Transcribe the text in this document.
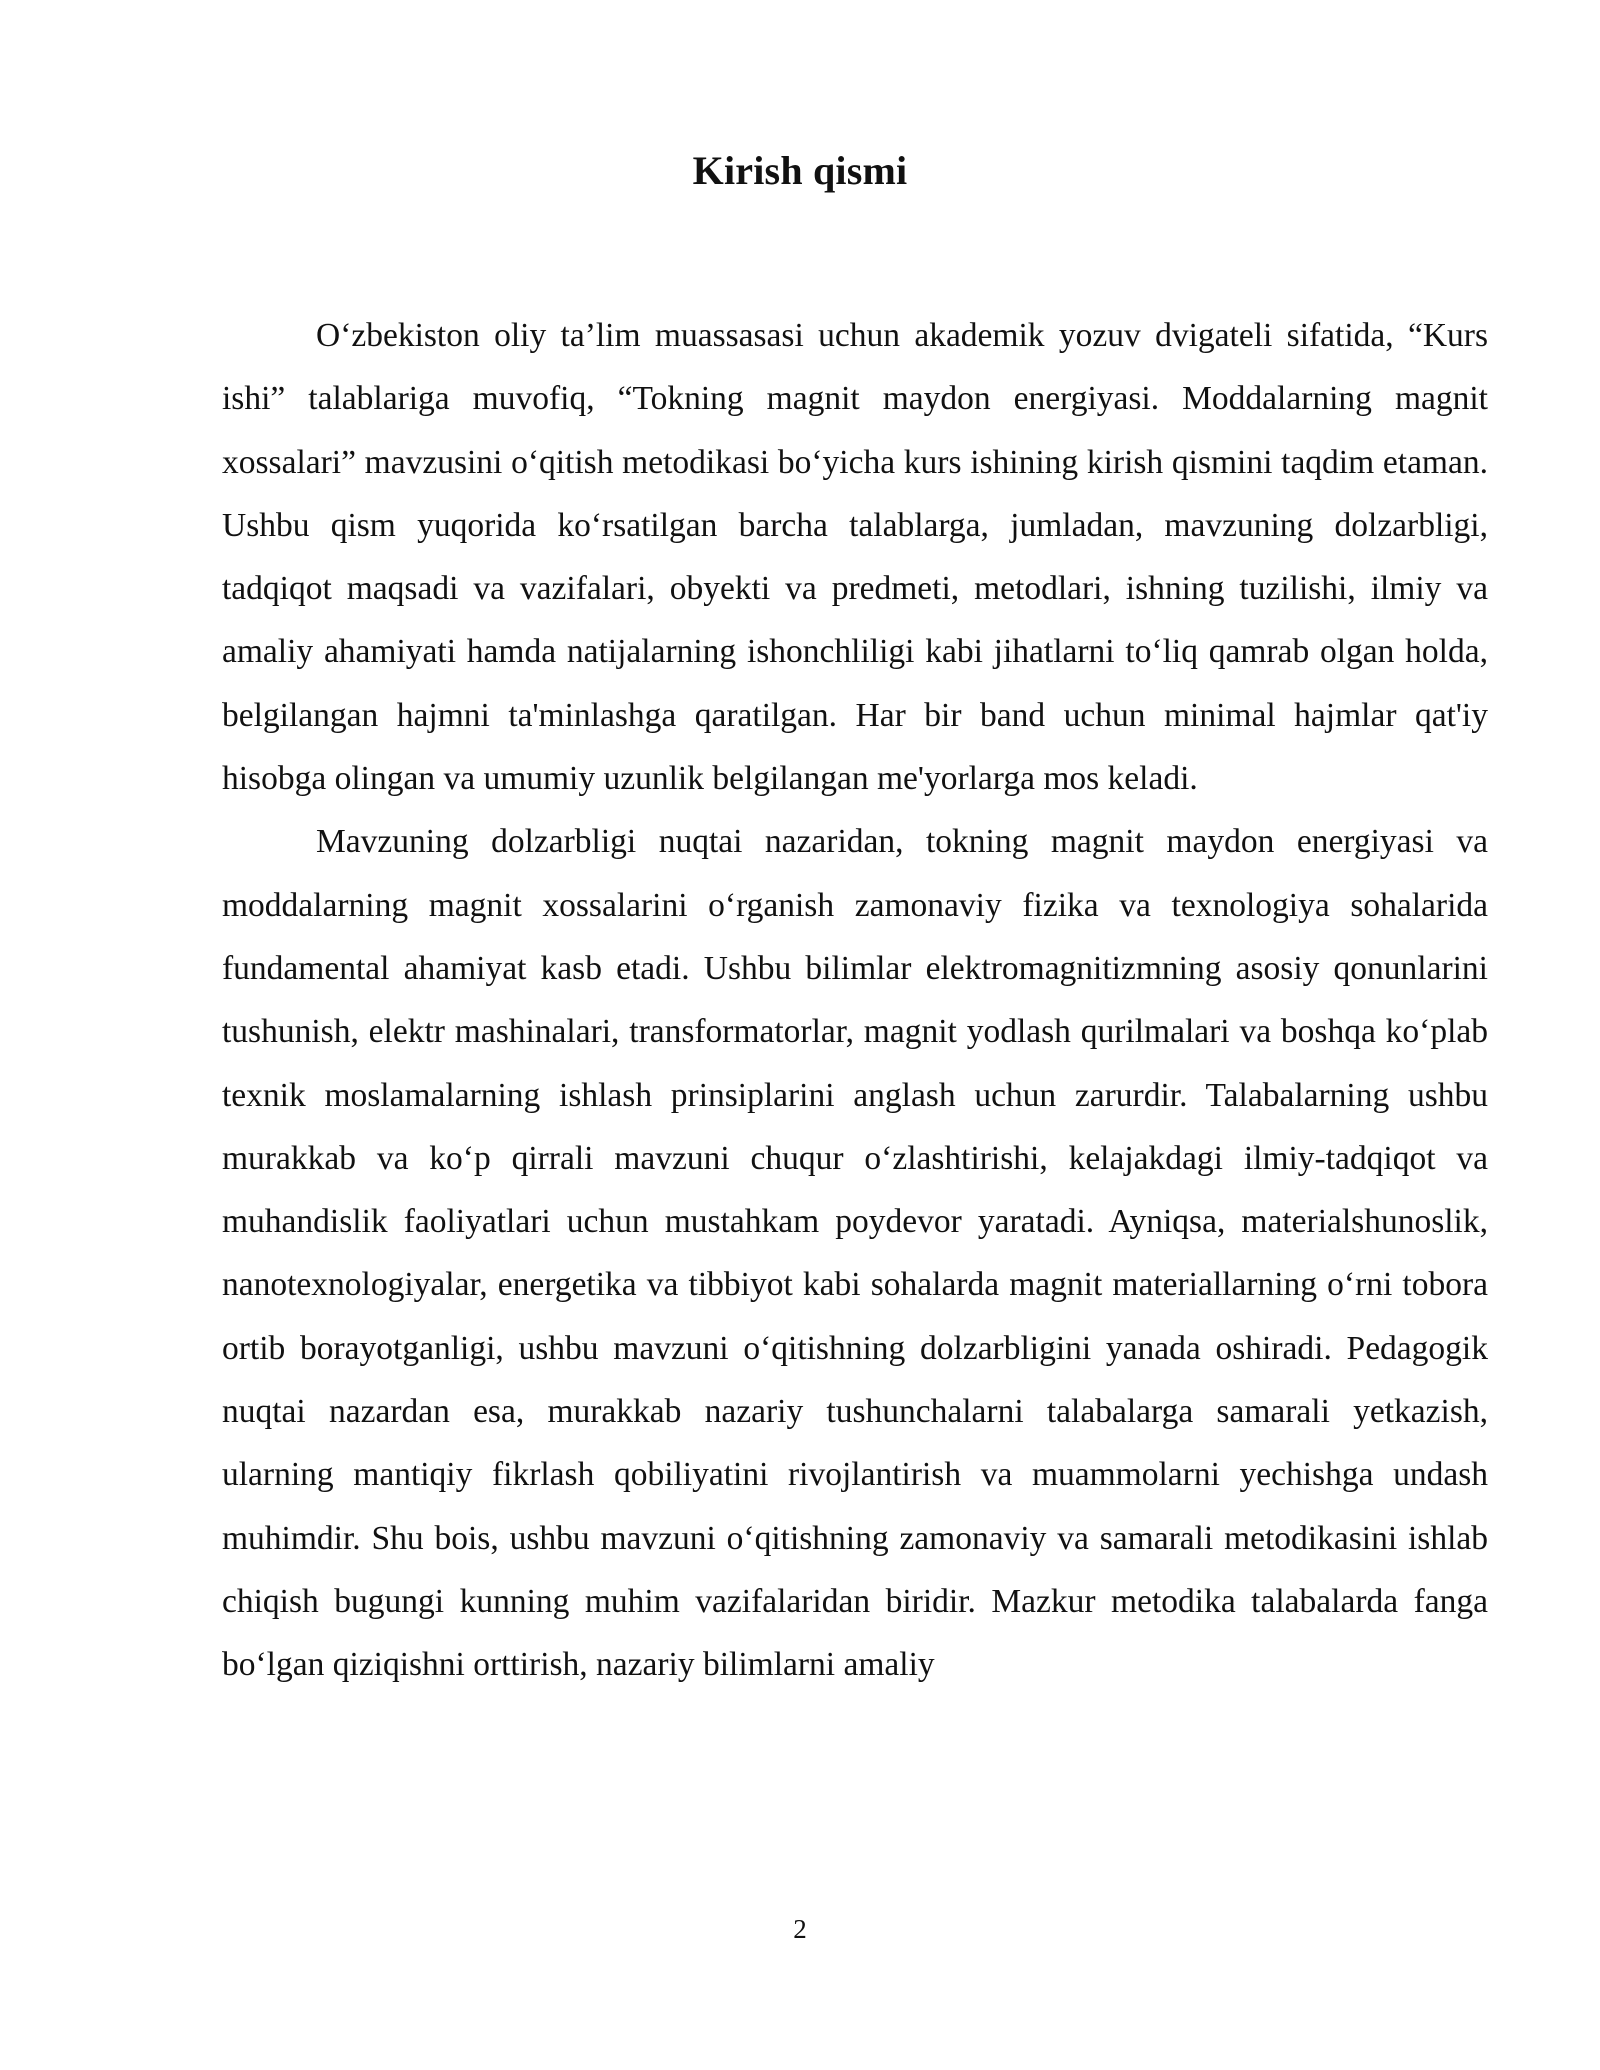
Kirish qismi

O‘zbekiston oliy ta’lim muassasasi uchun akademik yozuv dvigateli sifatida, “Kurs ishi” talablariga muvofiq, “Tokning magnit maydon energiyasi. Moddalarning magnit xossalari” mavzusini o‘qitish metodikasi bo‘yicha kurs ishining kirish qismini taqdim etaman. Ushbu qism yuqorida ko‘rsatilgan barcha talablarga, jumladan, mavzuning dolzarbligi, tadqiqot maqsadi va vazifalari, obyekti va predmeti, metodlari, ishning tuzilishi, ilmiy va amaliy ahamiyati hamda natijalarning ishonchliligi kabi jihatlarni to‘liq qamrab olgan holda, belgilangan hajmni ta'minlashga qaratilgan. Har bir band uchun minimal hajmlar qat'iy hisobga olingan va umumiy uzunlik belgilangan me'yorlarga mos keladi.

Mavzuning dolzarbligi nuqtai nazaridan, tokning magnit maydon energiyasi va moddalarning magnit xossalarini o‘rganish zamonaviy fizika va texnologiya sohalarida fundamental ahamiyat kasb etadi. Ushbu bilimlar elektromagnitizmning asosiy qonunlarini tushunish, elektr mashinalari, transformatorlar, magnit yodlash qurilmalari va boshqa ko‘plab texnik moslamalarning ishlash prinsiplarini anglash uchun zarurdir. Talabalarning ushbu murakkab va ko‘p qirrali mavzuni chuqur o‘zlashtirishi, kelajakdagi ilmiy-tadqiqot va muhandislik faoliyatlari uchun mustahkam poydevor yaratadi. Ayniqsa, materialshunoslik, nanotexnologiyalar, energetika va tibbiyot kabi sohalarda magnit materiallarning o‘rni tobora ortib borayotganligi, ushbu mavzuni o‘qitishning dolzarbligini yanada oshiradi. Pedagogik nuqtai nazardan esa, murakkab nazariy tushunchalarni talabalarga samarali yetkazish, ularning mantiqiy fikrlash qobiliyatini rivojlantirish va muammolarni yechishga undash muhimdir. Shu bois, ushbu mavzuni o‘qitishning zamonaviy va samarali metodikasini ishlab chiqish bugungi kunning muhim vazifalaridan biridir. Mazkur metodika talabalarda fanga bo‘lgan qiziqishni orttirish, nazariy bilimlarni amaliy

2
